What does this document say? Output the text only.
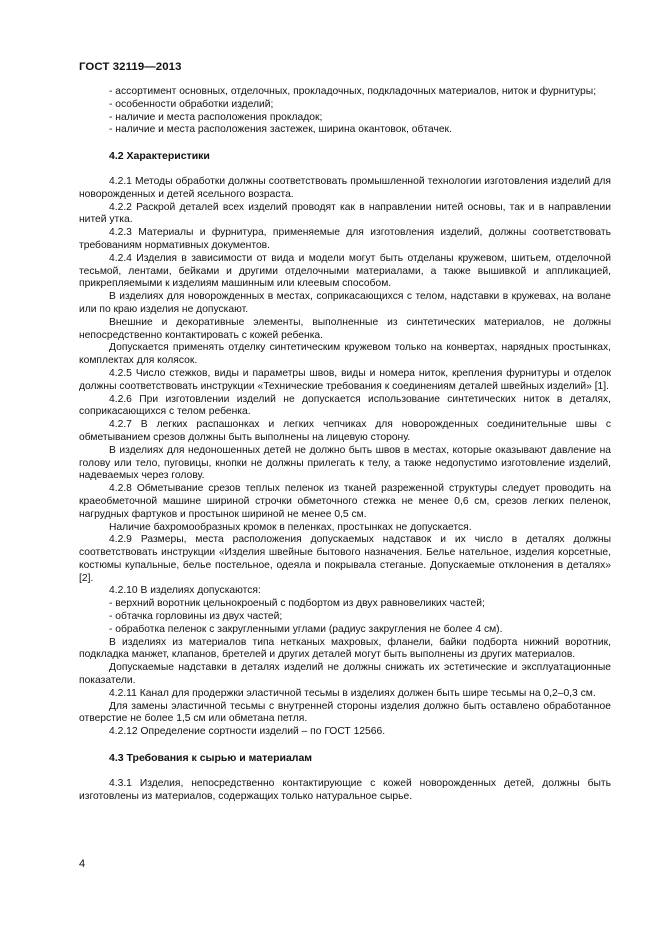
ГОСТ 32119—2013

- ассортимент основных, отделочных, прокладочных, подкладочных материалов, ниток и фурнитуры;

- особенности обработки изделий;

- наличие и места расположения прокладок;

- наличие и места расположения застежек, ширина окантовок, обтачек.

4.2 Характеристики

4.2.1 Методы обработки должны соответствовать промышленной технологии изготовления изделий для новорожденных и детей ясельного возраста.

4.2.2 Раскрой деталей всех изделий проводят как в направлении нитей основы, так и в направлении нитей утка.

4.2.3 Материалы и фурнитура, применяемые для изготовления изделий, должны соответствовать требованиям нормативных документов.

4.2.4 Изделия в зависимости от вида и модели могут быть отделаны кружевом, шитьем, отделочной тесьмой, лентами, бейками и другими отделочными материалами, а также вышивкой и аппликацией, прикрепляемыми к изделиям машинным или клеевым способом.

В изделиях для новорожденных в местах, соприкасающихся с телом, надставки в кружевах, на волане или по краю изделия не допускают.

Внешние и декоративные элементы, выполненные из синтетических материалов, не должны непосредственно контактировать с кожей ребенка.

Допускается применять отделку синтетическим кружевом только на конвертах, нарядных простынках, комплектах для колясок.

4.2.5 Число стежков, виды и параметры швов, виды и номера ниток, крепления фурнитуры и отделок должны соответствовать инструкции «Технические требования к соединениям деталей швейных изделий» [1].

4.2.6 При изготовлении изделий не допускается использование синтетических ниток в деталях, соприкасающихся с телом ребенка.

4.2.7 В легких распашонках и легких чепчиках для новорожденных соединительные швы с обметыванием срезов должны быть выполнены на лицевую сторону.

В изделиях для недоношенных детей не должно быть швов в местах, которые оказывают давление на голову или тело, пуговицы, кнопки не должны прилегать к телу, а также недопустимо изготовление изделий, надеваемых через голову.

4.2.8 Обметывание срезов теплых пеленок из тканей разреженной структуры следует проводить на краеобметочной машине шириной строчки обметочного стежка не менее 0,6 см, срезов легких пеленок, нагрудных фартуков и простынок шириной не менее 0,5 см.

Наличие бахромообразных кромок в пеленках, простынках не допускается.

4.2.9 Размеры, места расположения допускаемых надставок и их число в деталях должны соответствовать инструкции «Изделия швейные бытового назначения. Белье нательное, изделия корсетные, костюмы купальные, белье постельное, одеяла и покрывала стеганые. Допускаемые отклонения в деталях» [2].

4.2.10 В изделиях допускаются:

- верхний воротник цельнокроеный с подбортом из двух равновеликих частей;

- обтачка горловины из двух частей;

- обработка пеленок с закругленными углами (радиус закругления не более 4 см).

В изделиях из материалов типа нетканых махровых, фланели, байки подборта нижний воротник, подкладка манжет, клапанов, бретелей и других деталей могут быть выполнены из других материалов.

Допускаемые надставки в деталях изделий не должны снижать их эстетические и эксплуатационные показатели.

4.2.11 Канал для продержки эластичной тесьмы в изделиях должен быть шире тесьмы на 0,2–0,3 см.

Для замены эластичной тесьмы с внутренней стороны изделия должно быть оставлено обработанное отверстие не более 1,5 см или обметана петля.

4.2.12 Определение сортности изделий – по ГОСТ 12566.

4.3 Требования к сырью и материалам

4.3.1 Изделия, непосредственно контактирующие с кожей новорожденных детей, должны быть изготовлены из материалов, содержащих только натуральное сырье.

4
